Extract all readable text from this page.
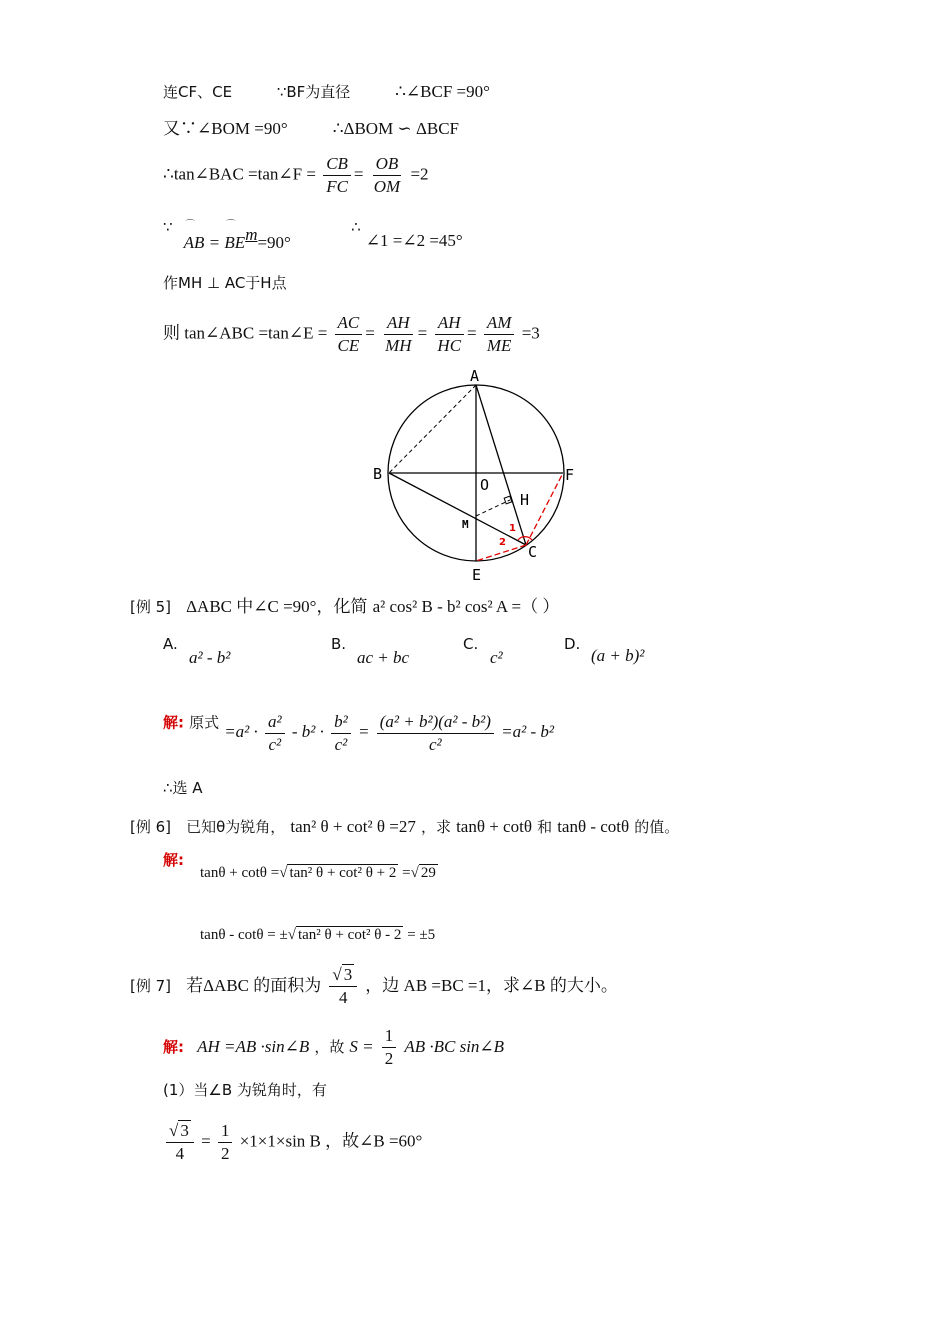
连CF、CE	∵BF为直径	∴∠BCF =90°
又∵∠BOM =90°	∴ΔBOM ∽ ΔBCF
∴tan∠BAC =tan∠F = $\frac{CB}{FC} = \frac{OB}{OM} =2$
∵ ⌒ AB = ⌒ BEm=90° ∴ ∠1 =∠2 =45°
作MH ⊥ AC于H点
则 tan∠ABC =tan∠E = $\frac{AC}{CE} = \frac{AH}{MH} = \frac{AH}{HC} = \frac{AM}{ME} =3$
A
B	F
O
H
M
C
E
1
2
[例 5] ΔABC 中∠C =90°，化简 a² cos² B - b² cos² A =（ ）
A.
a² - b²
B.
ac + bc
C.
c²
D.
(a + b)²
解: 原式 $=a^2 \cdot \frac{\text{a²}}{\text{c²}} - b^2 \cdot \frac{\text{b²}}{\text{c²}} = \frac{\text{(a² + b²)(a² - b²)}}{\text{c²}} =a^2 - b^2$
∴选 A
[例 6] 已知θ为锐角， tan² θ + cot² θ =27 ，求 tanθ + cotθ 和 tanθ - cotθ 的值。
解:
tanθ + cotθ =√ tan² θ + cot² θ + 2 =√ 29
tanθ - cotθ = ±√ tan² θ + cot² θ - 2 = ±5
[例 7] 若ΔABC 的面积为 $\frac{√ 3}{4}$ ，边 AB =BC =1，求∠B 的大小。
解: AH =AB ·sin∠B ，故 $S = \frac{1}{2}$ AB ·BC sin∠B
(1）当∠B 为锐角时，有
$\frac{√ 3}{4} = \frac{1}{2} \times 1\times 1\times\sin$ B ，故∠B =60°
